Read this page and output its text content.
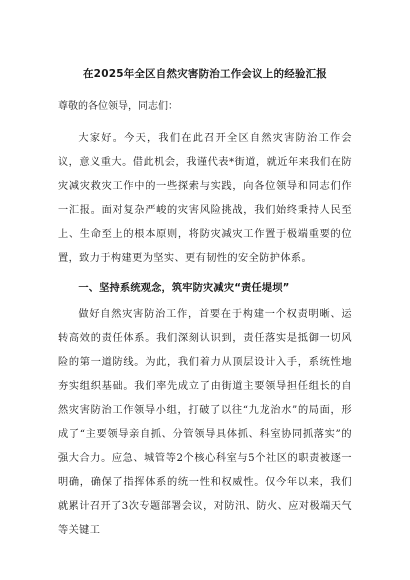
在2025年全区自然灾害防治工作会议上的经验汇报
尊敬的各位领导，同志们：

大家好。今天，我们在此召开全区自然灾害防治工作会议，意义重大。借此机会，我谨代表*街道，就近年来我们在防灾减灾救灾工作中的一些探索与实践，向各位领导和同志们作一汇报。面对复杂严峻的灾害风险挑战，我们始终秉持人民至上、生命至上的根本原则，将防灾减灾工作置于极端重要的位置，致力于构建更为坚实、更有韧性的安全防护体系。

一、坚持系统观念，筑牢防灾减灾“责任堤坝”

做好自然灾害防治工作，首要在于构建一个权责明晰、运转高效的责任体系。我们深刻认识到，责任落实是抵御一切风险的第一道防线。为此，我们着力从顶层设计入手，系统性地夯实组织基础。我们率先成立了由街道主要领导担任组长的自然灾害防治工作领导小组，打破了以往“九龙治水”的局面，形成了“主要领导亲自抓、分管领导具体抓、科室协同抓落实”的强大合力。应急、城管等2个核心科室与5个社区的职责被逐一明确，确保了指挥体系的统一性和权威性。仅今年以来，我们就累计召开了3次专题部署会议，对防汛、防火、应对极端天气等关键工
